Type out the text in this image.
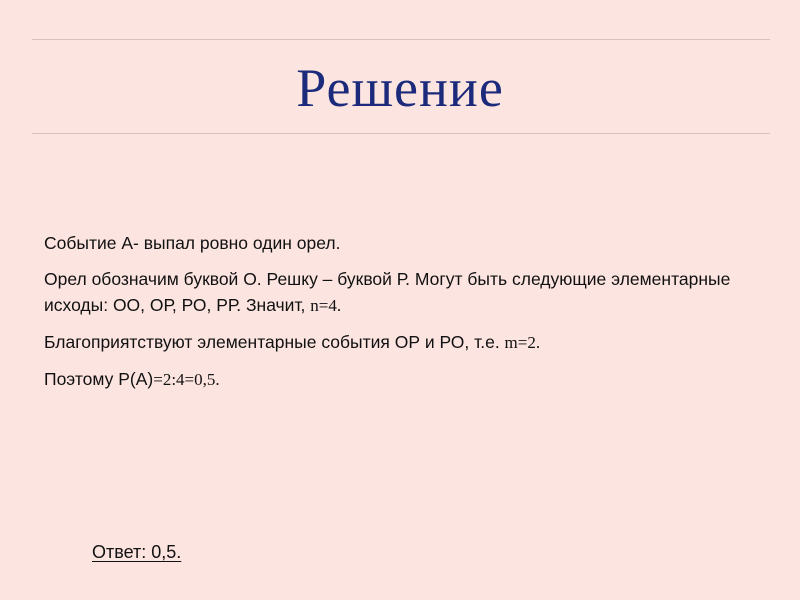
Решение

Событие А- выпал ровно один орел.

Орел обозначим буквой О. Решку – буквой Р. Могут быть следующие элементарные исходы: ОО, ОР, РО, РР. Значит, n=4.

Благоприятствуют элементарные события ОР и РО, т.е. m=2.

Поэтому Р(А)=2:4=0,5.

Ответ: 0,5.
